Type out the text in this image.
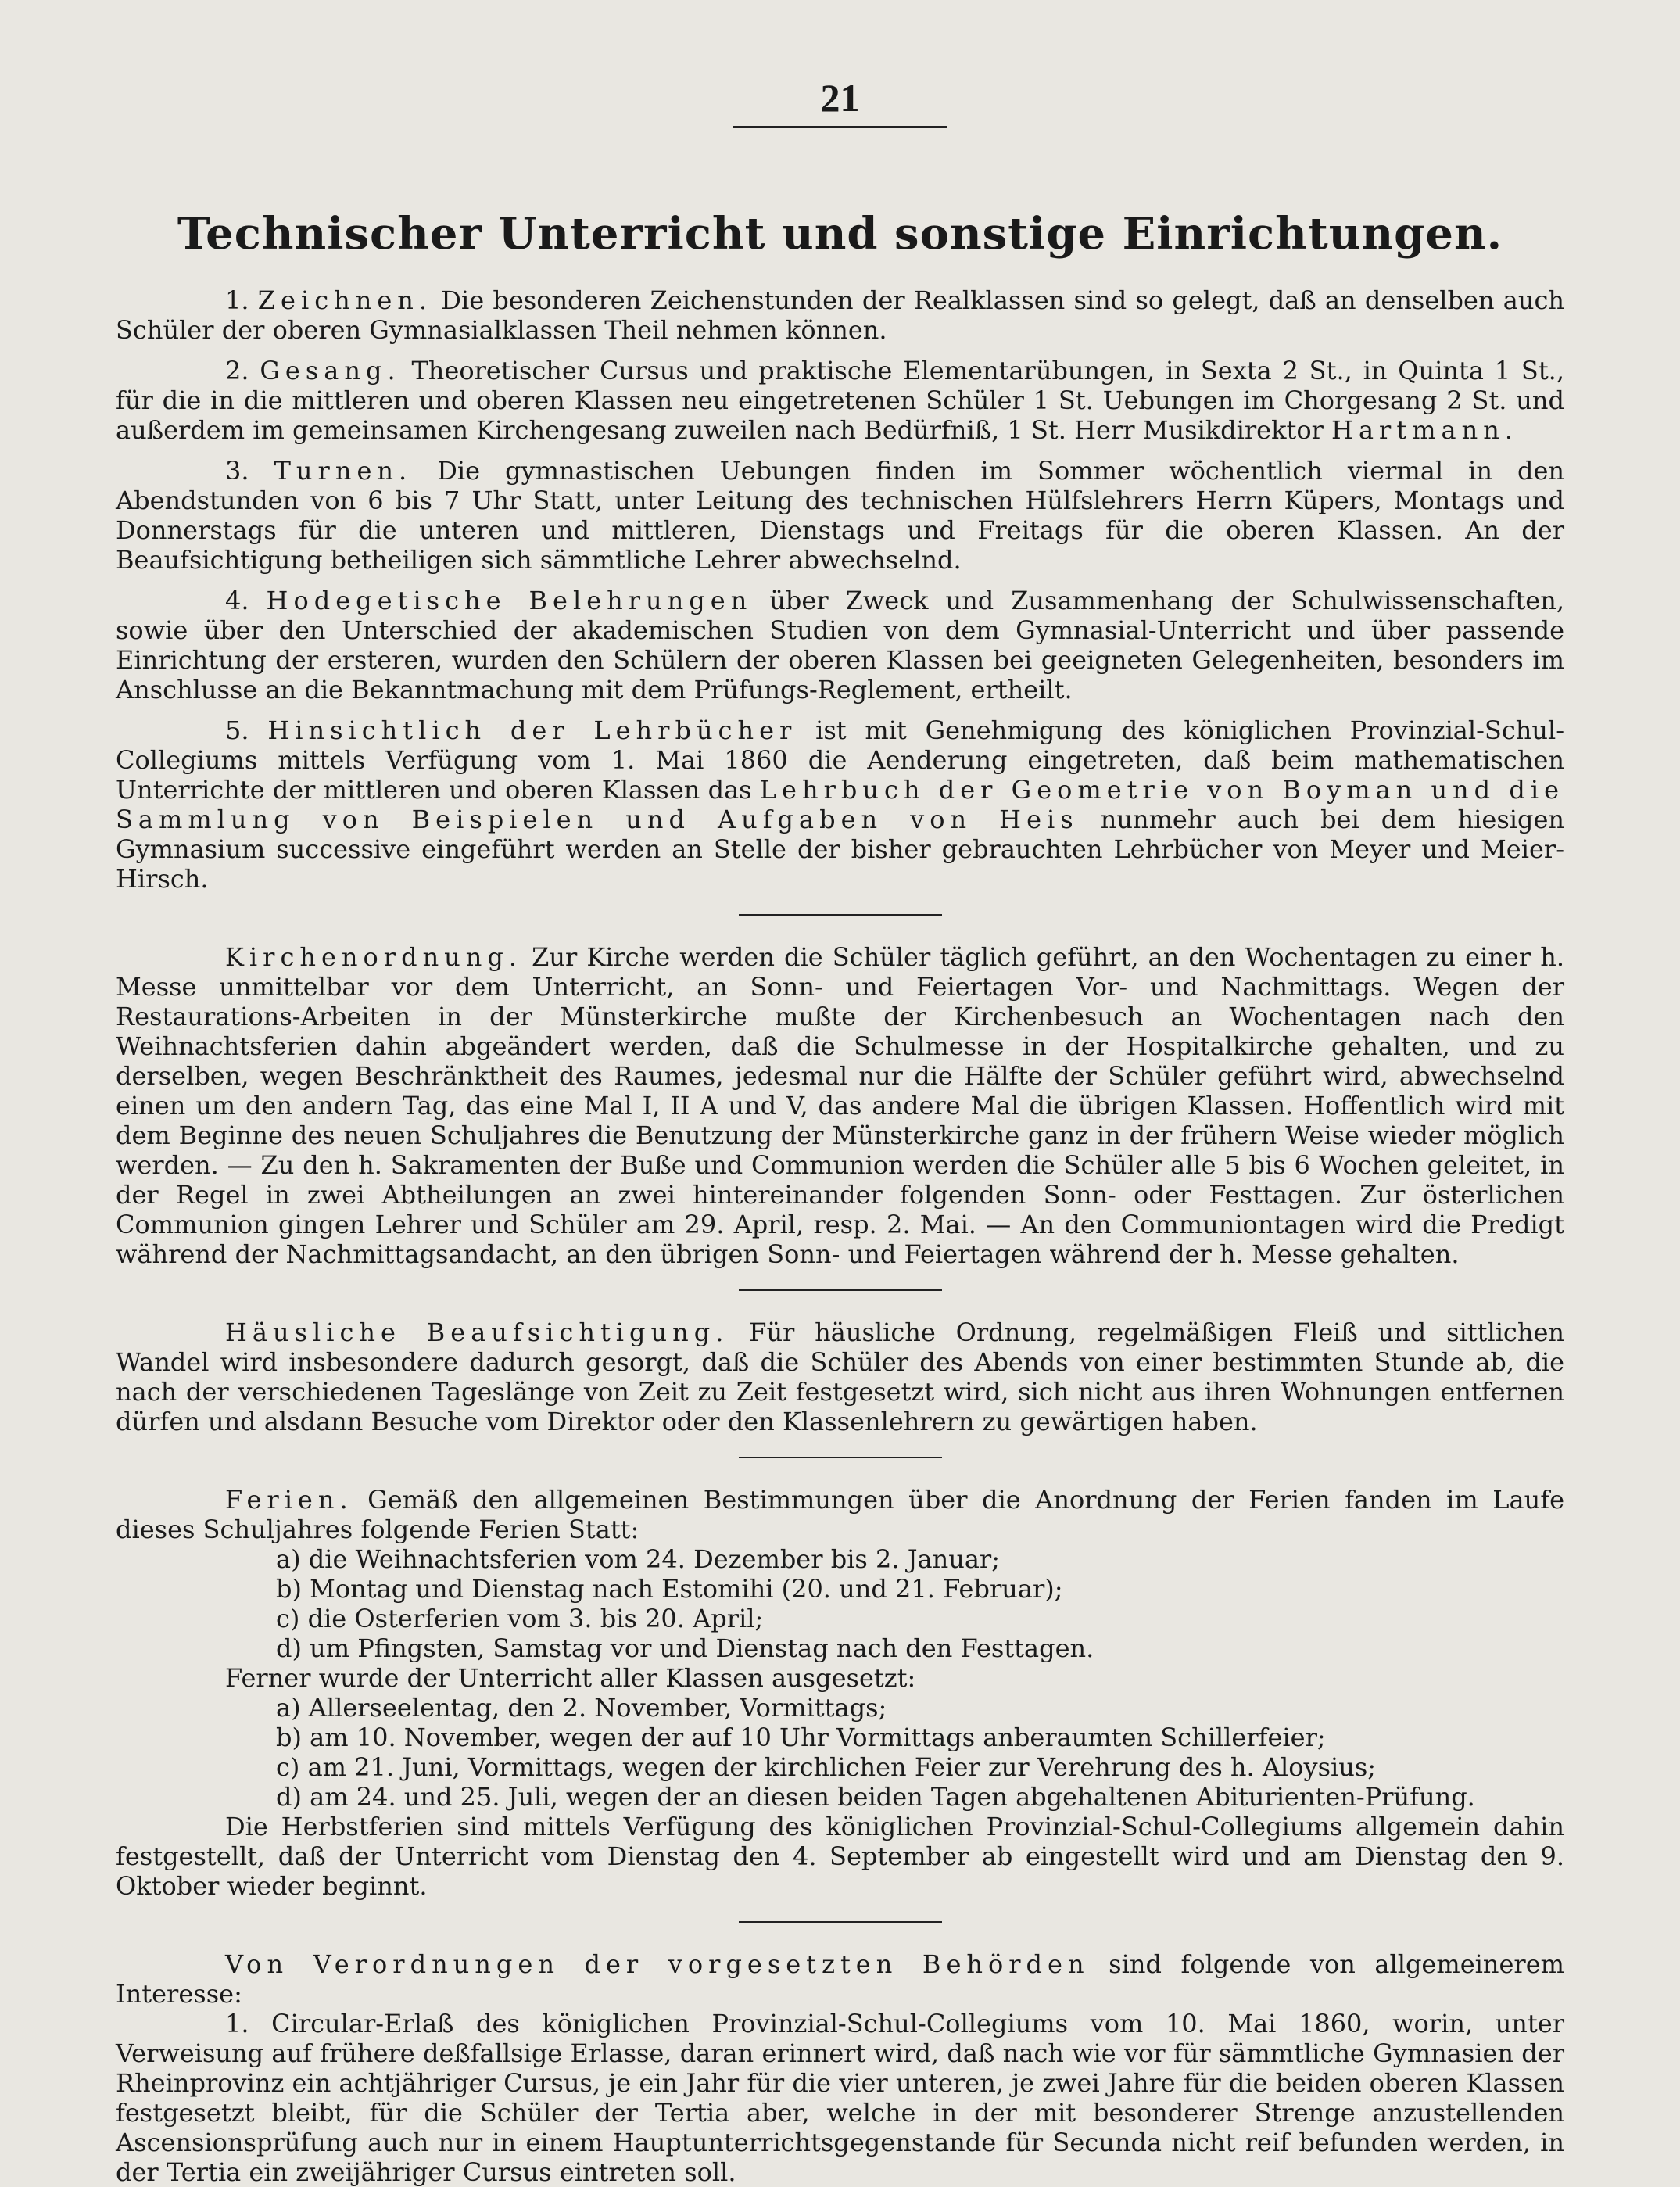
21
Technischer Unterricht und sonstige Einrichtungen.

1. Zeichnen. Die besonderen Zeichenstunden der Realklassen sind so gelegt, daß an denselben auch Schüler der oberen Gymnasialklassen Theil nehmen können.

2. Gesang. Theoretischer Cursus und praktische Elementarübungen, in Sexta 2 St., in Quinta 1 St., für die in die mittleren und oberen Klassen neu eingetretenen Schüler 1 St. Uebungen im Chorgesang 2 St. und außerdem im gemeinsamen Kirchengesang zuweilen nach Bedürfniß, 1 St. Herr Musikdirektor Hartmann.

3. Turnen. Die gymnastischen Uebungen finden im Sommer wöchentlich viermal in den Abendstunden von 6 bis 7 Uhr Statt, unter Leitung des technischen Hülfslehrers Herrn Küpers, Montags und Donnerstags für die unteren und mittleren, Dienstags und Freitags für die oberen Klassen. An der Beaufsichtigung betheiligen sich sämmtliche Lehrer abwechselnd.

4. Hodegetische Belehrungen über Zweck und Zusammenhang der Schulwissenschaften, sowie über den Unterschied der akademischen Studien von dem Gymnasial-Unterricht und über passende Einrichtung der ersteren, wurden den Schülern der oberen Klassen bei geeigneten Gelegenheiten, besonders im Anschlusse an die Bekanntmachung mit dem Prüfungs-Reglement, ertheilt.

5. Hinsichtlich der Lehrbücher ist mit Genehmigung des königlichen Provinzial-Schul-Collegiums mittels Verfügung vom 1. Mai 1860 die Aenderung eingetreten, daß beim mathematischen Unterrichte der mittleren und oberen Klassen das Lehrbuch der Geometrie von Boyman und die Sammlung von Beispielen und Aufgaben von Heis nunmehr auch bei dem hiesigen Gymnasium successive eingeführt werden an Stelle der bisher gebrauchten Lehrbücher von Meyer und Meier-Hirsch.

Kirchenordnung. Zur Kirche werden die Schüler täglich geführt, an den Wochentagen zu einer h. Messe unmittelbar vor dem Unterricht, an Sonn- und Feiertagen Vor- und Nachmittags. Wegen der Restaurations-Arbeiten in der Münsterkirche mußte der Kirchenbesuch an Wochentagen nach den Weihnachtsferien dahin abgeändert werden, daß die Schulmesse in der Hospitalkirche gehalten, und zu derselben, wegen Beschränktheit des Raumes, jedesmal nur die Hälfte der Schüler geführt wird, abwechselnd einen um den andern Tag, das eine Mal I, II A und V, das andere Mal die übrigen Klassen. Hoffentlich wird mit dem Beginne des neuen Schuljahres die Benutzung der Münsterkirche ganz in der frühern Weise wieder möglich werden. — Zu den h. Sakramenten der Buße und Communion werden die Schüler alle 5 bis 6 Wochen geleitet, in der Regel in zwei Abtheilungen an zwei hintereinander folgenden Sonn- oder Festtagen. Zur österlichen Communion gingen Lehrer und Schüler am 29. April, resp. 2. Mai. — An den Communiontagen wird die Predigt während der Nachmittagsandacht, an den übrigen Sonn- und Feiertagen während der h. Messe gehalten.

Häusliche Beaufsichtigung. Für häusliche Ordnung, regelmäßigen Fleiß und sittlichen Wandel wird insbesondere dadurch gesorgt, daß die Schüler des Abends von einer bestimmten Stunde ab, die nach der verschiedenen Tageslänge von Zeit zu Zeit festgesetzt wird, sich nicht aus ihren Wohnungen entfernen dürfen und alsdann Besuche vom Direktor oder den Klassenlehrern zu gewärtigen haben.

Ferien. Gemäß den allgemeinen Bestimmungen über die Anordnung der Ferien fanden im Laufe dieses Schuljahres folgende Ferien Statt:

a) die Weihnachtsferien vom 24. Dezember bis 2. Januar;
b) Montag und Dienstag nach Estomihi (20. und 21. Februar);
c) die Osterferien vom 3. bis 20. April;
d) um Pfingsten, Samstag vor und Dienstag nach den Festtagen.
Ferner wurde der Unterricht aller Klassen ausgesetzt:
a) Allerseelentag, den 2. November, Vormittags;
b) am 10. November, wegen der auf 10 Uhr Vormittags anberaumten Schillerfeier;
c) am 21. Juni, Vormittags, wegen der kirchlichen Feier zur Verehrung des h. Aloysius;
d) am 24. und 25. Juli, wegen der an diesen beiden Tagen abgehaltenen Abiturienten-Prüfung.

Die Herbstferien sind mittels Verfügung des königlichen Provinzial-Schul-Collegiums allgemein dahin festgestellt, daß der Unterricht vom Dienstag den 4. September ab eingestellt wird und am Dienstag den 9. Oktober wieder beginnt.

Von Verordnungen der vorgesetzten Behörden sind folgende von allgemeinerem Interesse:

1. Circular-Erlaß des königlichen Provinzial-Schul-Collegiums vom 10. Mai 1860, worin, unter Verweisung auf frühere deßfallsige Erlasse, daran erinnert wird, daß nach wie vor für sämmtliche Gymnasien der Rheinprovinz ein achtjähriger Cursus, je ein Jahr für die vier unteren, je zwei Jahre für die beiden oberen Klassen festgesetzt bleibt, für die Schüler der Tertia aber, welche in der mit besonderer Strenge anzustellenden Ascensionsprüfung auch nur in einem Hauptunterrichtsgegenstande für Secunda nicht reif befunden werden, in der Tertia ein zweijähriger Cursus eintreten soll.
